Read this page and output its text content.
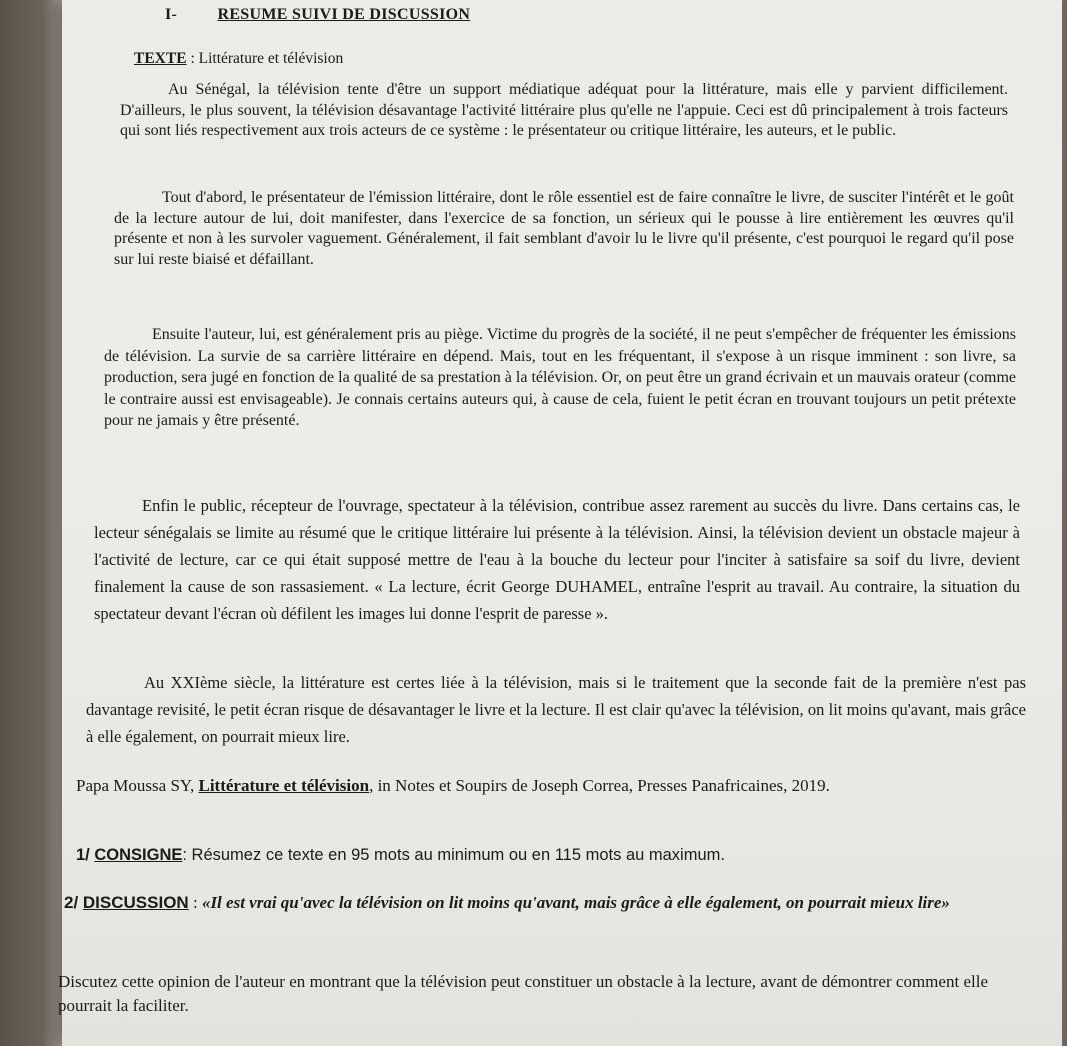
I-	RESUME SUIVI DE DISCUSSION
TEXTE : Littérature et télévision

Au Sénégal, la télévision tente d'être un support médiatique adéquat pour la littérature, mais elle y parvient difficilement. D'ailleurs, le plus souvent, la télévision désavantage l'activité littéraire plus qu'elle ne l'appuie. Ceci est dû principalement à trois facteurs qui sont liés respectivement aux trois acteurs de ce système : le présentateur ou critique littéraire, les auteurs, et le public.

Tout d'abord, le présentateur de l'émission littéraire, dont le rôle essentiel est de faire connaître le livre, de susciter l'intérêt et le goût de la lecture autour de lui, doit manifester, dans l'exercice de sa fonction, un sérieux qui le pousse à lire entièrement les œuvres qu'il présente et non à les survoler vaguement. Généralement, il fait semblant d'avoir lu le livre qu'il présente, c'est pourquoi le regard qu'il pose sur lui reste biaisé et défaillant.

Ensuite l'auteur, lui, est généralement pris au piège. Victime du progrès de la société, il ne peut s'empêcher de fréquenter les émissions de télévision. La survie de sa carrière littéraire en dépend. Mais, tout en les fréquentant, il s'expose à un risque imminent : son livre, sa production, sera jugé en fonction de la qualité de sa prestation à la télévision. Or, on peut être un grand écrivain et un mauvais orateur (comme le contraire aussi est envisageable). Je connais certains auteurs qui, à cause de cela, fuient le petit écran en trouvant toujours un petit prétexte pour ne jamais y être présenté.

Enfin le public, récepteur de l'ouvrage, spectateur à la télévision, contribue assez rarement au succès du livre. Dans certains cas, le lecteur sénégalais se limite au résumé que le critique littéraire lui présente à la télévision. Ainsi, la télévision devient un obstacle majeur à l'activité de lecture, car ce qui était supposé mettre de l'eau à la bouche du lecteur pour l'inciter à satisfaire sa soif du livre, devient finalement la cause de son rassasiement. « La lecture, écrit George DUHAMEL, entraîne l'esprit au travail. Au contraire, la situation du spectateur devant l'écran où défilent les images lui donne l'esprit de paresse ».

Au XXIème siècle, la littérature est certes liée à la télévision, mais si le traitement que la seconde fait de la première n'est pas davantage revisité, le petit écran risque de désavantager le livre et la lecture. Il est clair qu'avec la télévision, on lit moins qu'avant, mais grâce à elle également, on pourrait mieux lire.

Papa Moussa SY, Littérature et télévision, in Notes et Soupirs de Joseph Correa, Presses Panafricaines, 2019.
1/ CONSIGNE: Résumez ce texte en 95 mots au minimum ou en 115 mots au maximum.
2/ DISCUSSION : «Il est vrai qu'avec la télévision on lit moins qu'avant, mais grâce à elle également, on pourrait mieux lire»
Discutez cette opinion de l'auteur en montrant que la télévision peut constituer un obstacle à la lecture, avant de démontrer comment elle pourrait la faciliter.
